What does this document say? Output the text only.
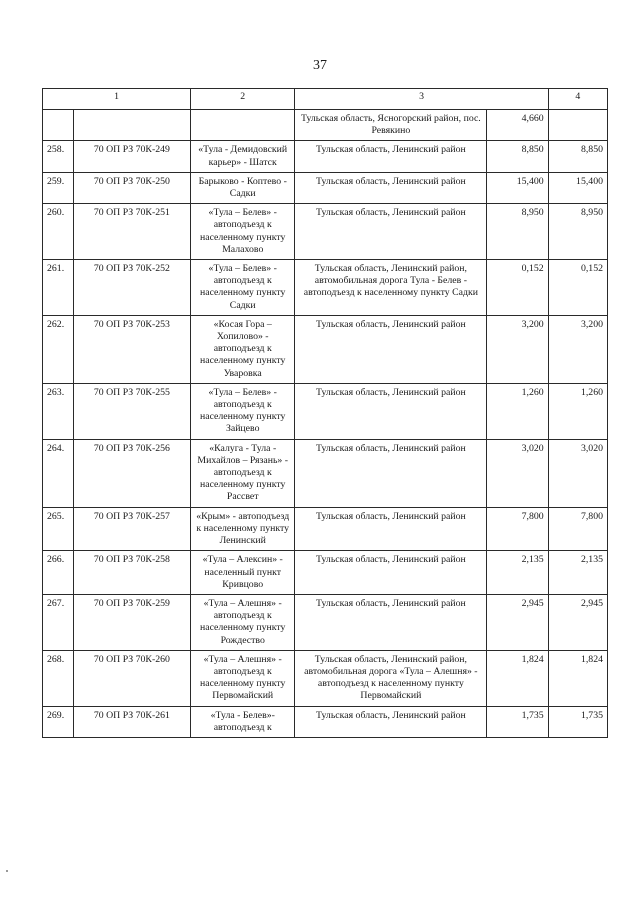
37
1		2	3		4
			Тульская область, Ясногорский район, пос. Ревякино	4,660	
258.	70 ОП РЗ 70К-249	«Тула - Демидовский карьер» - Шатск	Тульская область, Ленинский район	8,850	8,850
259.	70 ОП РЗ 70К-250	Барыково - Коптево - Садки	Тульская область, Ленинский район	15,400	15,400
260.	70 ОП РЗ 70К-251	«Тула – Белев» - автоподъезд к населенному пункту Малахово	Тульская область, Ленинский район	8,950	8,950
261.	70 ОП РЗ 70К-252	«Тула – Белев» - автоподъезд к населенному пункту Садки	Тульская область, Ленинский район, автомобильная дорога Тула - Белев - автоподъезд к населенному пункту Садки	0,152	0,152
262.	70 ОП РЗ 70К-253	«Косая Гора – Хопилово» - автоподъезд к населенному пункту Уваровка	Тульская область, Ленинский район	3,200	3,200
263.	70 ОП РЗ 70К-255	«Тула – Белев» - автоподъезд к населенному пункту Зайцево	Тульская область, Ленинский район	1,260	1,260
264.	70 ОП РЗ 70К-256	«Калуга - Тула - Михайлов – Рязань» - автоподъезд к населенному пункту Рассвет	Тульская область, Ленинский район	3,020	3,020
265.	70 ОП РЗ 70К-257	«Крым» - автоподъезд к населенному пункту Ленинский	Тульская область, Ленинский район	7,800	7,800
266.	70 ОП РЗ 70К-258	«Тула – Алексин» - населенный пункт Кривцово	Тульская область, Ленинский район	2,135	2,135
267.	70 ОП РЗ 70К-259	«Тула – Алешня» - автоподъезд к населенному пункту Рождество	Тульская область, Ленинский район	2,945	2,945
268.	70 ОП РЗ 70К-260	«Тула – Алешня» - автоподъезд к населенному пункту Первомайский	Тульская область, Ленинский район, автомобильная дорога «Тула – Алешня» - автоподъезд к населенному пункту Первомайский	1,824	1,824
269.	70 ОП РЗ 70К-261	«Тула - Белев»- автоподъезд к	Тульская область, Ленинский район	1,735	1,735
